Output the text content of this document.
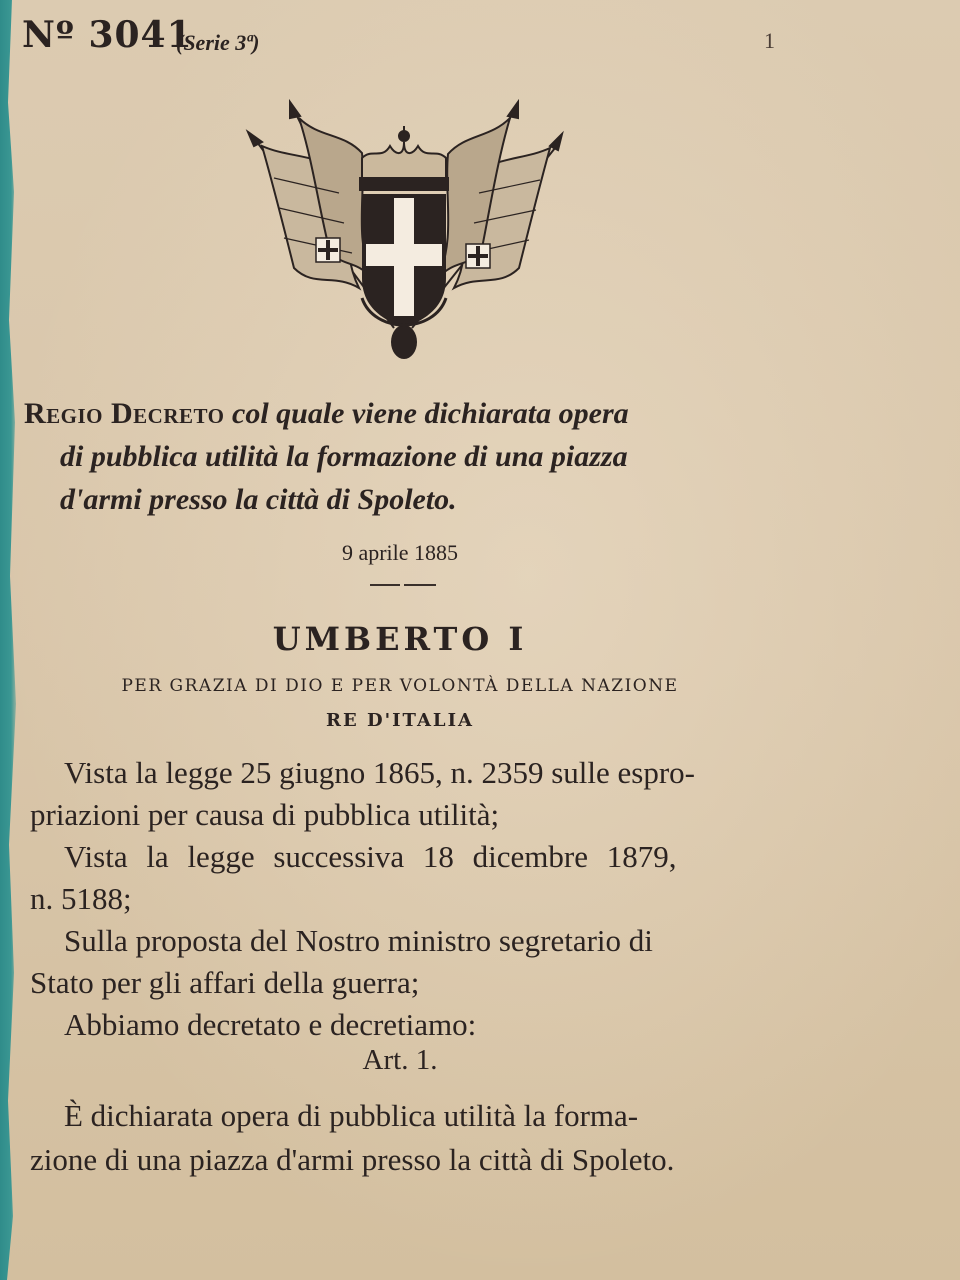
Nº 3041
(Serie 3ª)	1
Regio Decreto col quale viene dichiarata opera
di pubblica utilità la formazione di una piazza
d'armi presso la città di Spoleto.
9 aprile 1885
UMBERTO I
PER GRAZIA DI DIO E PER VOLONTÀ DELLA NAZIONE
RE D'ITALIA
Vista la legge 25 giugno 1865, n. 2359 sulle espro-
priazioni per causa di pubblica utilità;
Vista la legge successiva 18 dicembre 1879,
n. 5188;
Sulla proposta del Nostro ministro segretario di
Stato per gli affari della guerra;
Abbiamo decretato e decretiamo:
Art. 1.
È dichiarata opera di pubblica utilità la forma-
zione di una piazza d'armi presso la città di Spoleto.
